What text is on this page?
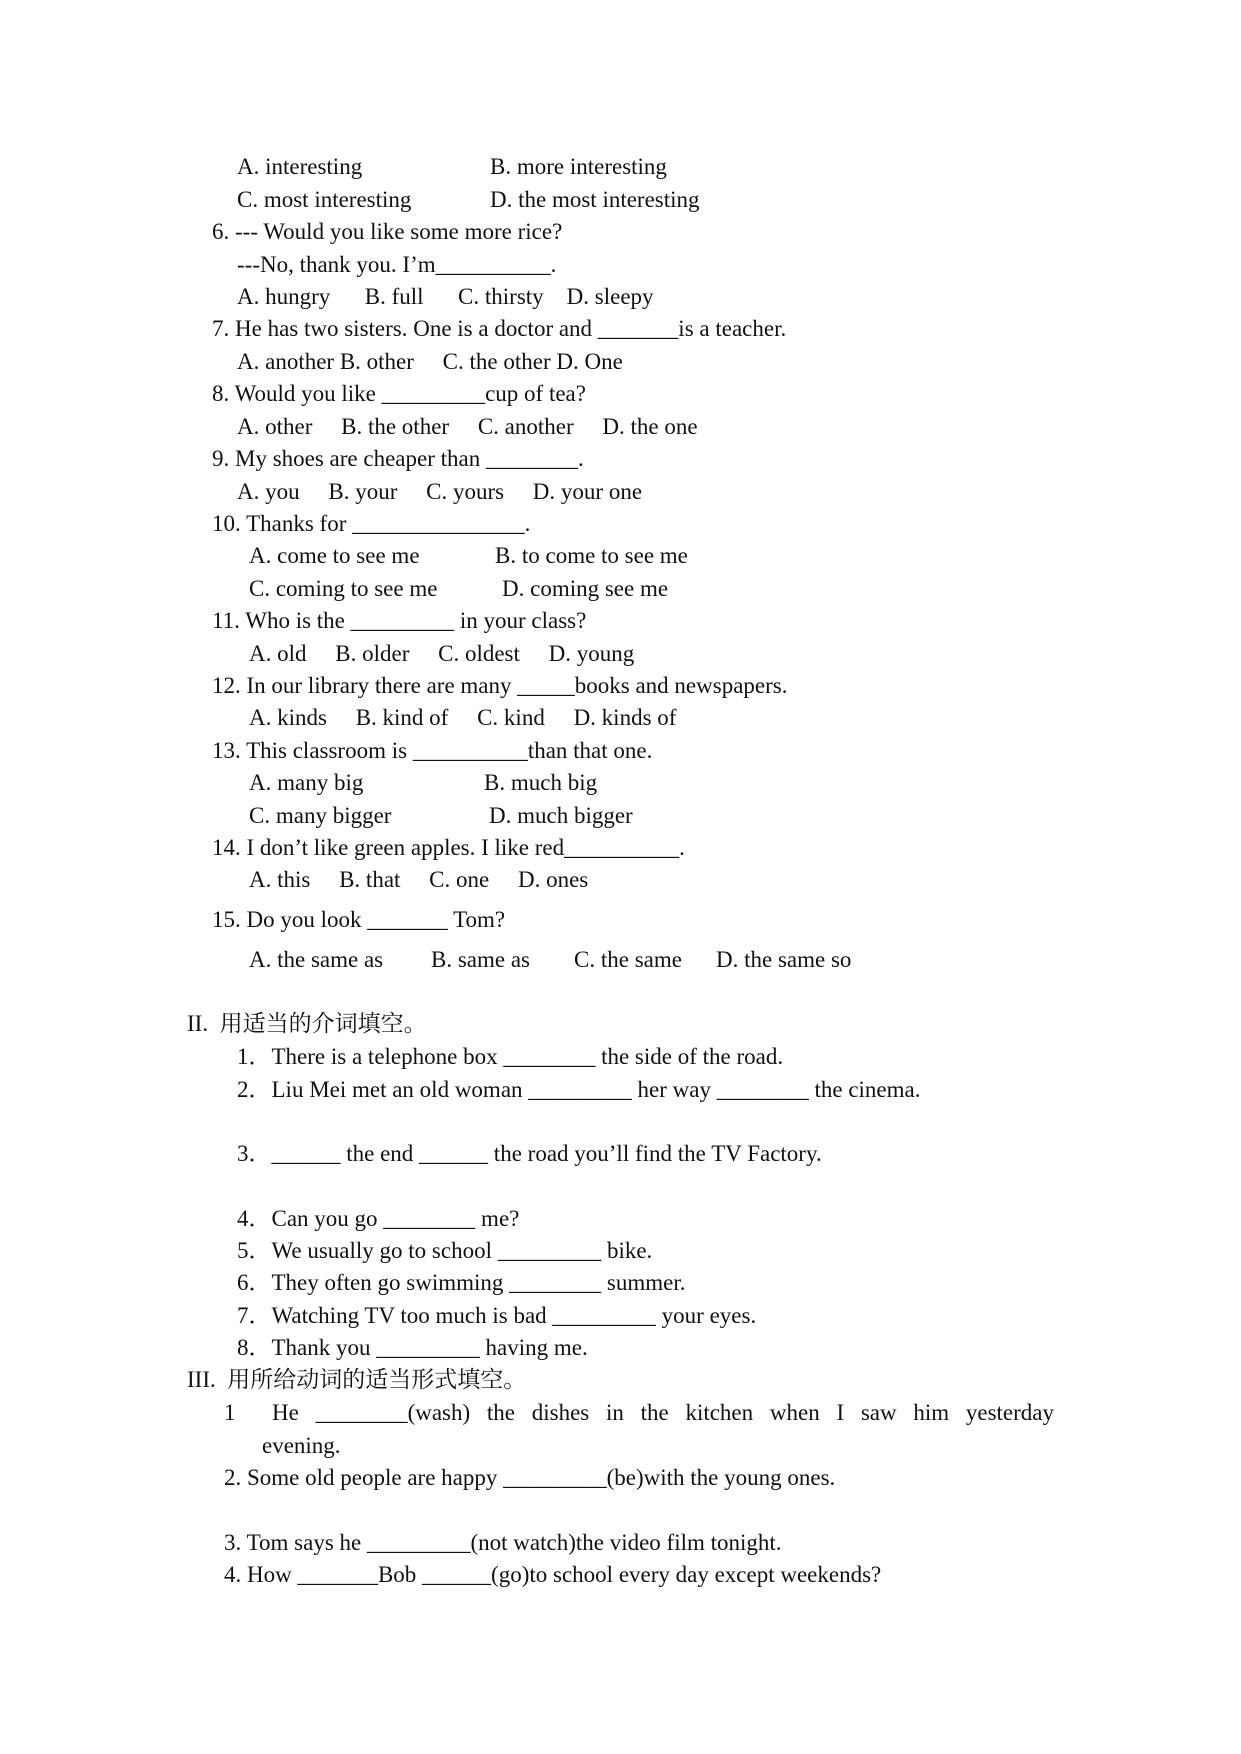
A. interesting	B. more interesting
C. most interesting	D. the most interesting
6. --- Would you like some more rice?
---No, thank you. I’m__________.
A. hungry      B. full      C. thirsty    D. sleepy
7. He has two sisters. One is a doctor and _______is a teacher.
A. another B. other     C. the other D. One
8. Would you like _________cup of tea?
A. other     B. the other     C. another     D. the one
9. My shoes are cheaper than ________.
A. you     B. your     C. yours     D. your one
10. Thanks for _______________.
A. come to see me	B. to come to see me
C. coming to see me	D. coming see me
11. Who is the _________ in your class?
A. old     B. older     C. oldest     D. young
12. In our library there are many _____books and newspapers.
A. kinds     B. kind of     C. kind     D. kinds of
13. This classroom is __________than that one.
A. many big	B. much big
C. many bigger	D. much bigger
14. I don’t like green apples. I like red__________.
A. this     B. that     C. one     D. ones
15. Do you look _______ Tom?
A. the same as B. same as C. the same D. the same so
II.  用适当的介词填空。
1．There is a telephone box ________ the side of the road.
2．Liu Mei met an old woman _________ her way ________ the cinema.
3．______ the end ______ the road you’ll find the TV Factory.
4．Can you go ________ me?
5．We usually go to school _________ bike.
6．They often go swimming ________ summer.
7．Watching TV too much is bad _________ your eyes.
8．Thank you _________ having me.
III.  用所给动词的适当形式填空。
1 He ________(wash) the dishes in the kitchen when I saw him yesterday
evening.
2. Some old people are happy _________(be)with the young ones.
3. Tom says he _________(not watch)the video film tonight.
4. How _______Bob ______(go)to school every day except weekends?
